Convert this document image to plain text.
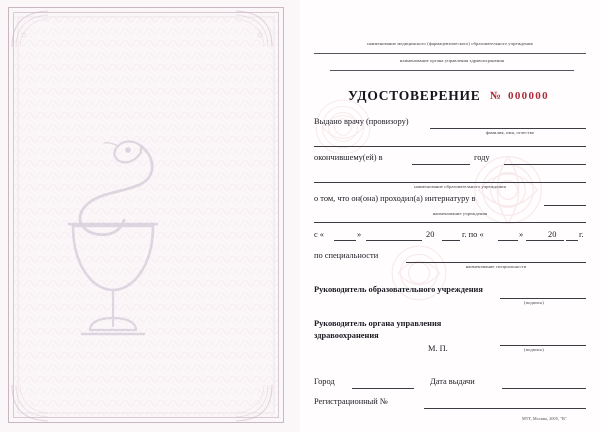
наименование медицинского (фармацевтического) образовательного учреждения
наименование органа управления здравоохранения
УДОСТОВЕРЕНИЕ № 000000
Выдано врачу (провизору)
фамилия, имя, отчество
окончившему(ей) в	году
наименование образовательного учреждения
о том, что он(она) проходил(а) интернатуру в
наименование учреждения
с «	»	20	г. по «	»	20	г.
по специальности
наименование специальности
Руководитель образовательного учреждения
(подпись)
Руководитель органа управления
здравоохранения
М. П.	(подпись)
Город	Дата выдачи
Регистрационный №
МТТ, Москва, 2005, "В"
